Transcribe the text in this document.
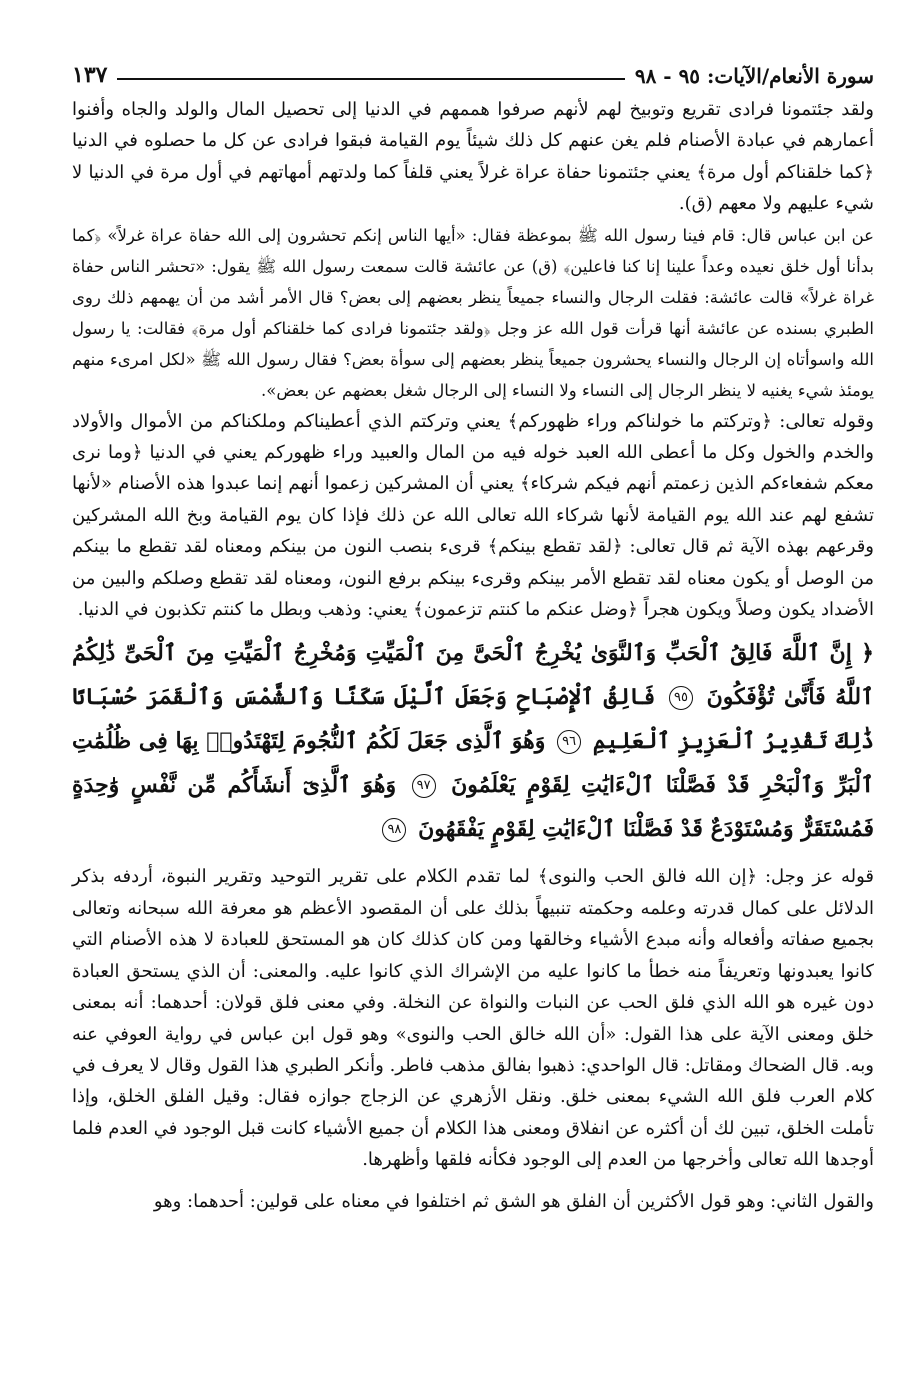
سورة الأنعام/الآيات: ٩٥ - ٩٨
١٣٧

ولقد جئتمونا فرادى تقريع وتوبيخ لهم لأنهم صرفوا هممهم في الدنيا إلى تحصيل المال والولد والجاه وأفنوا أعمارهم في عبادة الأصنام فلم يغن عنهم كل ذلك شيئاً يوم القيامة فبقوا فرادى عن كل ما حصلوه في الدنيا ﴿كما خلقناكم أول مرة﴾ يعني جئتمونا حفاة عراة غرلاً يعني قلفاً كما ولدتهم أمهاتهم في أول مرة في الدنيا لا شيء عليهم ولا معهم (ق).

عن ابن عباس قال: قام فينا رسول الله ﷺ بموعظة فقال: «أيها الناس إنكم تحشرون إلى الله حفاة عراة غرلاً» ﴿كما بدأنا أول خلق نعيده وعداً علينا إنا كنا فاعلين﴾ (ق) عن عائشة قالت سمعت رسول الله ﷺ يقول: «تحشر الناس حفاة غراة غرلاً» قالت عائشة: فقلت الرجال والنساء جميعاً ينظر بعضهم إلى بعض؟ قال الأمر أشد من أن يهمهم ذلك روى الطبري بسنده عن عائشة أنها قرأت قول الله عز وجل ﴿ولقد جئتمونا فرادى كما خلقناكم أول مرة﴾ فقالت: يا رسول الله واسوأتاه إن الرجال والنساء يحشرون جميعاً ينظر بعضهم إلى سوأة بعض؟ فقال رسول الله ﷺ «لكل امرىء منهم يومئذ شيء يغنيه لا ينظر الرجال إلى النساء ولا النساء إلى الرجال شغل بعضهم عن بعض».

وقوله تعالى: ﴿وتركتم ما خولناكم وراء ظهوركم﴾ يعني وتركتم الذي أعطيناكم وملكناكم من الأموال والأولاد والخدم والخول وكل ما أعطى الله العبد خوله فيه من المال والعبيد وراء ظهوركم يعني في الدنيا ﴿وما نرى معكم شفعاءكم الذين زعمتم أنهم فيكم شركاء﴾ يعني أن المشركين زعموا أنهم إنما عبدوا هذه الأصنام «لأنها تشفع لهم عند الله يوم القيامة لأنها شركاء الله تعالى الله عن ذلك فإذا كان يوم القيامة وبخ الله المشركين وقرعهم بهذه الآية ثم قال تعالى: ﴿لقد تقطع بينكم﴾ قرىء بنصب النون من بينكم ومعناه لقد تقطع ما بينكم من الوصل أو يكون معناه لقد تقطع الأمر بينكم وقرىء بينكم برفع النون، ومعناه لقد تقطع وصلكم والبين من الأضداد يكون وصلاً ويكون هجراً ﴿وضل عنكم ما كنتم تزعمون﴾ يعني: وذهب وبطل ما كنتم تكذبون في الدنيا.

﴿ إِنَّ ٱللَّهَ فَالِقُ ٱلْحَبِّ وَٱلنَّوَىٰ يُخْرِجُ ٱلْحَىَّ مِنَ ٱلْمَيِّتِ وَمُخْرِجُ ٱلْمَيِّتِ مِنَ ٱلْحَىِّ ذَٰلِكُمُ ٱللَّهُ فَأَنَّىٰ تُؤْفَكُونَ ٩٥ فَالِقُ ٱلْإِصْبَاحِ وَجَعَلَ ٱلَّيْلَ سَكَنًا وَٱلشَّمْسَ وَٱلْقَمَرَ حُسْبَانًا ذَٰلِكَ تَقْدِيرُ ٱلْعَزِيزِ ٱلْعَلِيمِ ٩٦ وَهُوَ ٱلَّذِى جَعَلَ لَكُمُ ٱلنُّجُومَ لِتَهْتَدُوا۟ بِهَا فِى ظُلُمَٰتِ ٱلْبَرِّ وَٱلْبَحْرِ قَدْ فَصَّلْنَا ٱلْءَايَٰتِ لِقَوْمٍ يَعْلَمُونَ ٩٧ وَهُوَ ٱلَّذِىٓ أَنشَأَكُم مِّن نَّفْسٍ وَٰحِدَةٍ فَمُسْتَقَرٌّ وَمُسْتَوْدَعٌ قَدْ فَصَّلْنَا ٱلْءَايَٰتِ لِقَوْمٍ يَفْقَهُونَ ٩٨

قوله عز وجل: ﴿إن الله فالق الحب والنوى﴾ لما تقدم الكلام على تقرير التوحيد وتقرير النبوة، أردفه بذكر الدلائل على كمال قدرته وعلمه وحكمته تنبيهاً بذلك على أن المقصود الأعظم هو معرفة الله سبحانه وتعالى بجميع صفاته وأفعاله وأنه مبدع الأشياء وخالقها ومن كان كذلك كان هو المستحق للعبادة لا هذه الأصنام التي كانوا يعبدونها وتعريفاً منه خطأ ما كانوا عليه من الإشراك الذي كانوا عليه. والمعنى: أن الذي يستحق العبادة دون غيره هو الله الذي فلق الحب عن النبات والنواة عن النخلة. وفي معنى فلق قولان: أحدهما: أنه بمعنى خلق ومعنى الآية على هذا القول: «أن الله خالق الحب والنوى» وهو قول ابن عباس في رواية العوفي عنه وبه. قال الضحاك ومقاتل: قال الواحدي: ذهبوا بفالق مذهب فاطر. وأنكر الطبري هذا القول وقال لا يعرف في كلام العرب فلق الله الشيء بمعنى خلق. ونقل الأزهري عن الزجاج جوازه فقال: وقيل الفلق الخلق، وإذا تأملت الخلق، تبين لك أن أكثره عن انفلاق ومعنى هذا الكلام أن جميع الأشياء كانت قبل الوجود في العدم فلما أوجدها الله تعالى وأخرجها من العدم إلى الوجود فكأنه فلقها وأظهرها.

والقول الثاني: وهو قول الأكثرين أن الفلق هو الشق ثم اختلفوا في معناه على قولين: أحدهما: وهو
